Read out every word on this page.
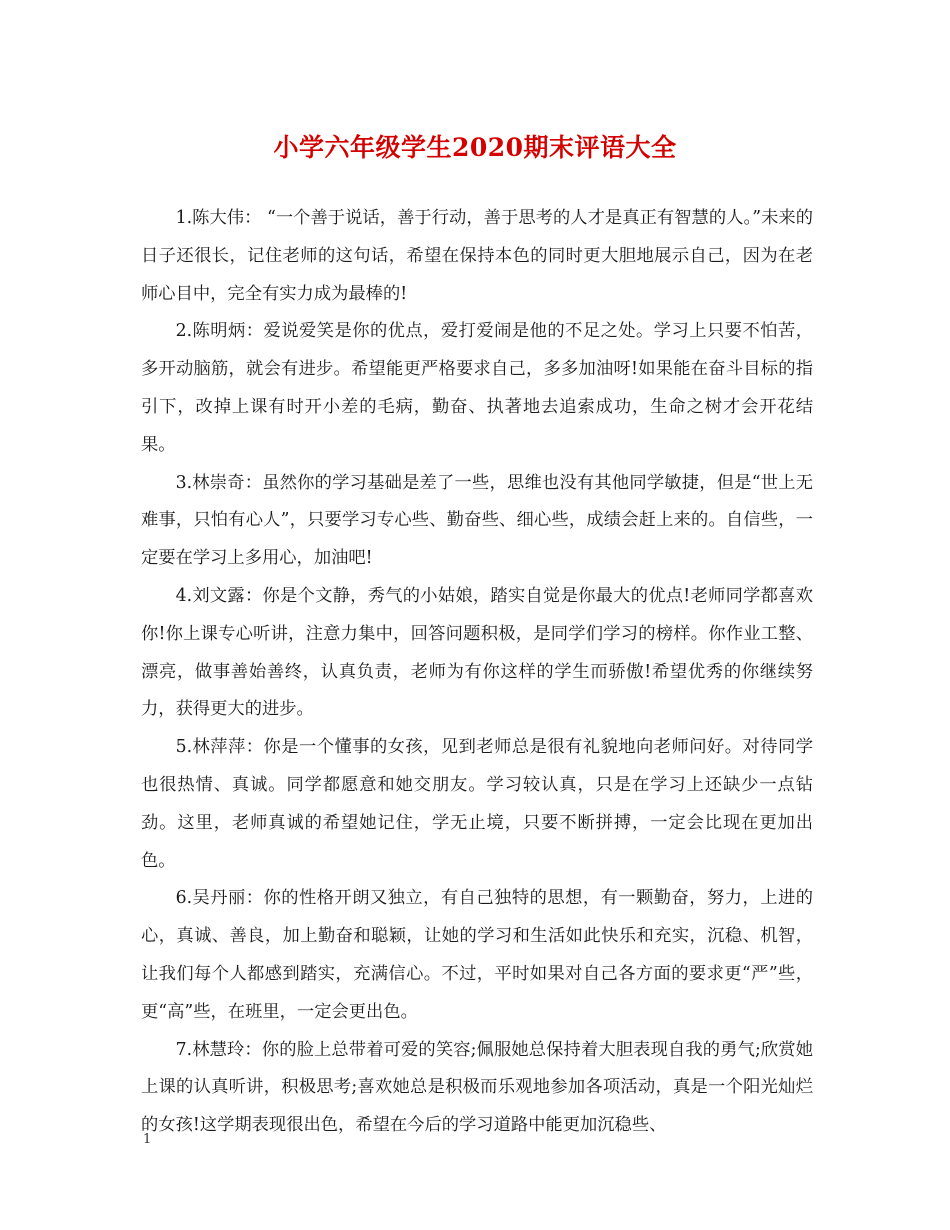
小学六年级学生2020期末评语大全

1.陈大伟： “一个善于说话，善于行动，善于思考的人才是真正有智慧的人。”未来的日子还很长，记住老师的这句话，希望在保持本色的同时更大胆地展示自己，因为在老师心目中，完全有实力成为最棒的!

2.陈明炳：爱说爱笑是你的优点，爱打爱闹是他的不足之处。学习上只要不怕苦，多开动脑筋，就会有进步。希望能更严格要求自己，多多加油呀!如果能在奋斗目标的指引下，改掉上课有时开小差的毛病，勤奋、执著地去追索成功，生命之树才会开花结果。

3.林崇奇：虽然你的学习基础是差了一些，思维也没有其他同学敏捷，但是“世上无难事，只怕有心人”，只要学习专心些、勤奋些、细心些，成绩会赶上来的。自信些，一定要在学习上多用心，加油吧!

4.刘文露：你是个文静，秀气的小姑娘，踏实自觉是你最大的优点!老师同学都喜欢你!你上课专心听讲，注意力集中，回答问题积极，是同学们学习的榜样。你作业工整、漂亮，做事善始善终，认真负责，老师为有你这样的学生而骄傲!希望优秀的你继续努力，获得更大的进步。

5.林萍萍：你是一个懂事的女孩，见到老师总是很有礼貌地向老师问好。对待同学也很热情、真诚。同学都愿意和她交朋友。学习较认真，只是在学习上还缺少一点钻劲。这里，老师真诚的希望她记住，学无止境，只要不断拼搏，一定会比现在更加出色。

6.吴丹丽：你的性格开朗又独立，有自己独特的思想，有一颗勤奋，努力，上进的心，真诚、善良，加上勤奋和聪颖，让她的学习和生活如此快乐和充实，沉稳、机智，让我们每个人都感到踏实，充满信心。不过，平时如果对自己各方面的要求更“严”些，更“高”些，在班里，一定会更出色。

7.林慧玲：你的脸上总带着可爱的笑容;佩服她总保持着大胆表现自我的勇气;欣赏她上课的认真听讲，积极思考;喜欢她总是积极而乐观地参加各项活动，真是一个阳光灿烂的女孩!这学期表现很出色，希望在今后的学习道路中能更加沉稳些、

1
